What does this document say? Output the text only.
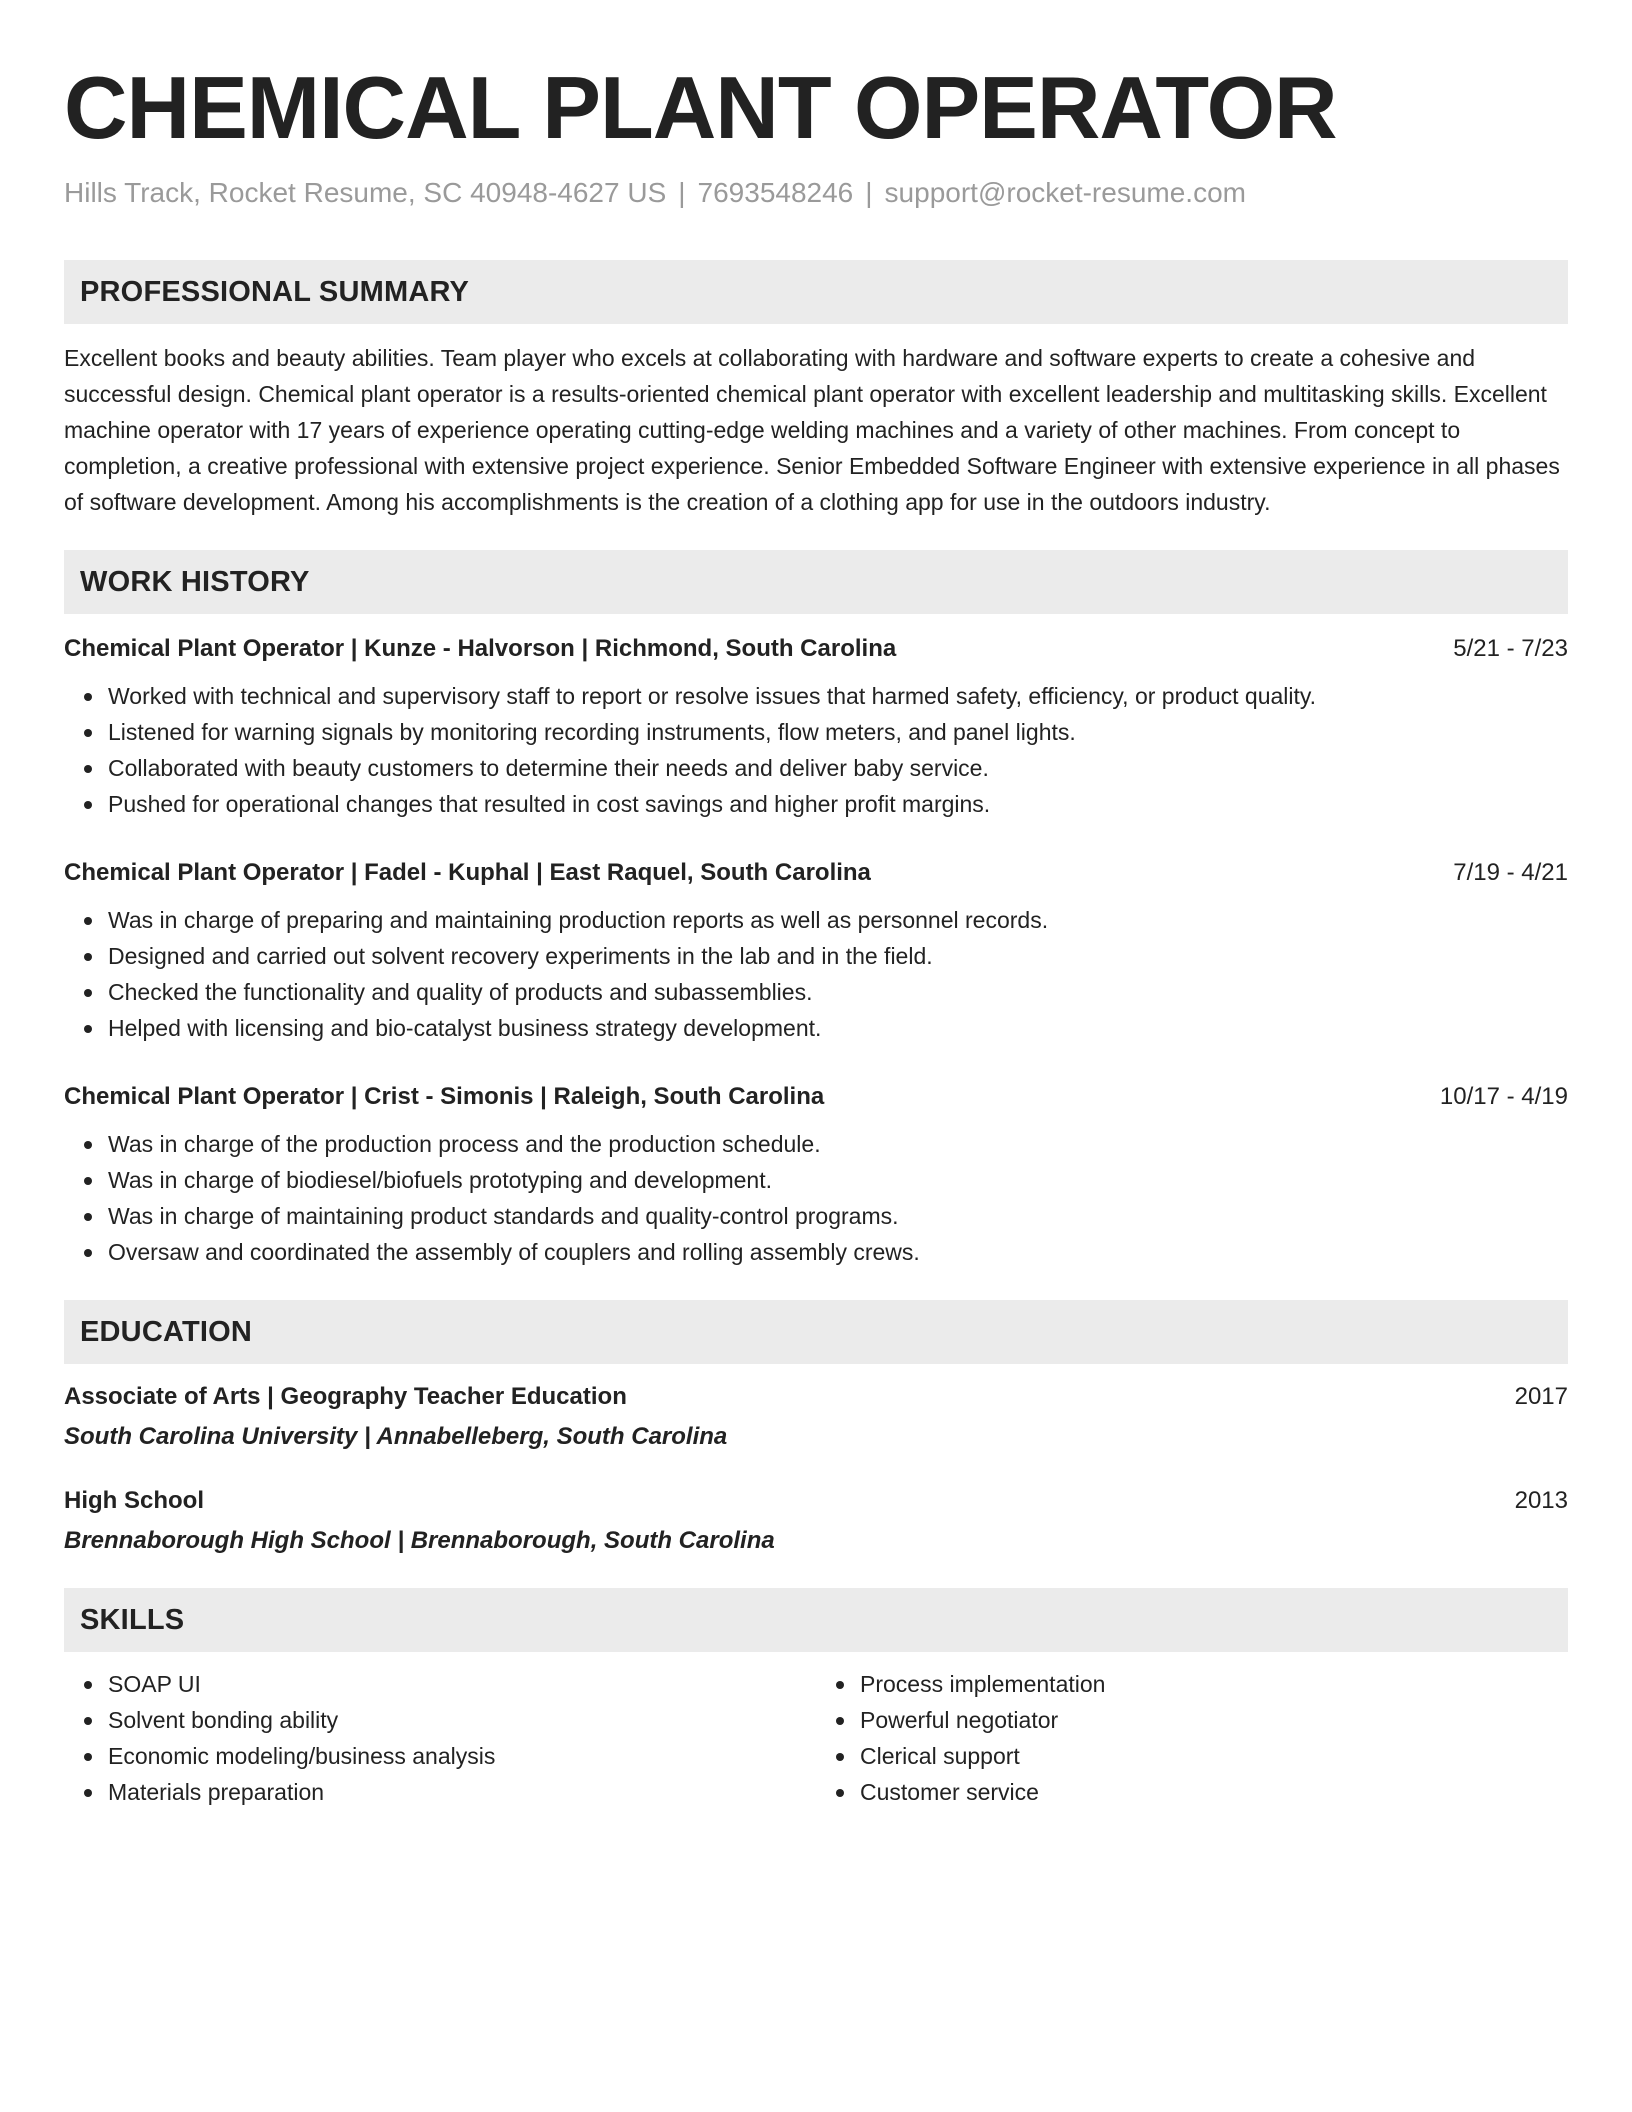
CHEMICAL PLANT OPERATOR
Hills Track, Rocket Resume, SC 40948-4627 US | 7693548246 | support@rocket-resume.com
PROFESSIONAL SUMMARY
Excellent books and beauty abilities. Team player who excels at collaborating with hardware and software experts to create a cohesive and successful design. Chemical plant operator is a results-oriented chemical plant operator with excellent leadership and multitasking skills. Excellent machine operator with 17 years of experience operating cutting-edge welding machines and a variety of other machines. From concept to completion, a creative professional with extensive project experience. Senior Embedded Software Engineer with extensive experience in all phases of software development. Among his accomplishments is the creation of a clothing app for use in the outdoors industry.
WORK HISTORY
Chemical Plant Operator | Kunze - Halvorson | Richmond, South Carolina	5/21 - 7/23
Worked with technical and supervisory staff to report or resolve issues that harmed safety, efficiency, or product quality.
Listened for warning signals by monitoring recording instruments, flow meters, and panel lights.
Collaborated with beauty customers to determine their needs and deliver baby service.
Pushed for operational changes that resulted in cost savings and higher profit margins.
Chemical Plant Operator | Fadel - Kuphal | East Raquel, South Carolina	7/19 - 4/21
Was in charge of preparing and maintaining production reports as well as personnel records.
Designed and carried out solvent recovery experiments in the lab and in the field.
Checked the functionality and quality of products and subassemblies.
Helped with licensing and bio-catalyst business strategy development.
Chemical Plant Operator | Crist - Simonis | Raleigh, South Carolina	10/17 - 4/19
Was in charge of the production process and the production schedule.
Was in charge of biodiesel/biofuels prototyping and development.
Was in charge of maintaining product standards and quality-control programs.
Oversaw and coordinated the assembly of couplers and rolling assembly crews.
EDUCATION
Associate of Arts | Geography Teacher Education	2017
South Carolina University | Annabelleberg, South Carolina
High School	2013
Brennaborough High School | Brennaborough, South Carolina
SKILLS
SOAP UI
Solvent bonding ability
Economic modeling/business analysis
Materials preparation
Process implementation
Powerful negotiator
Clerical support
Customer service
